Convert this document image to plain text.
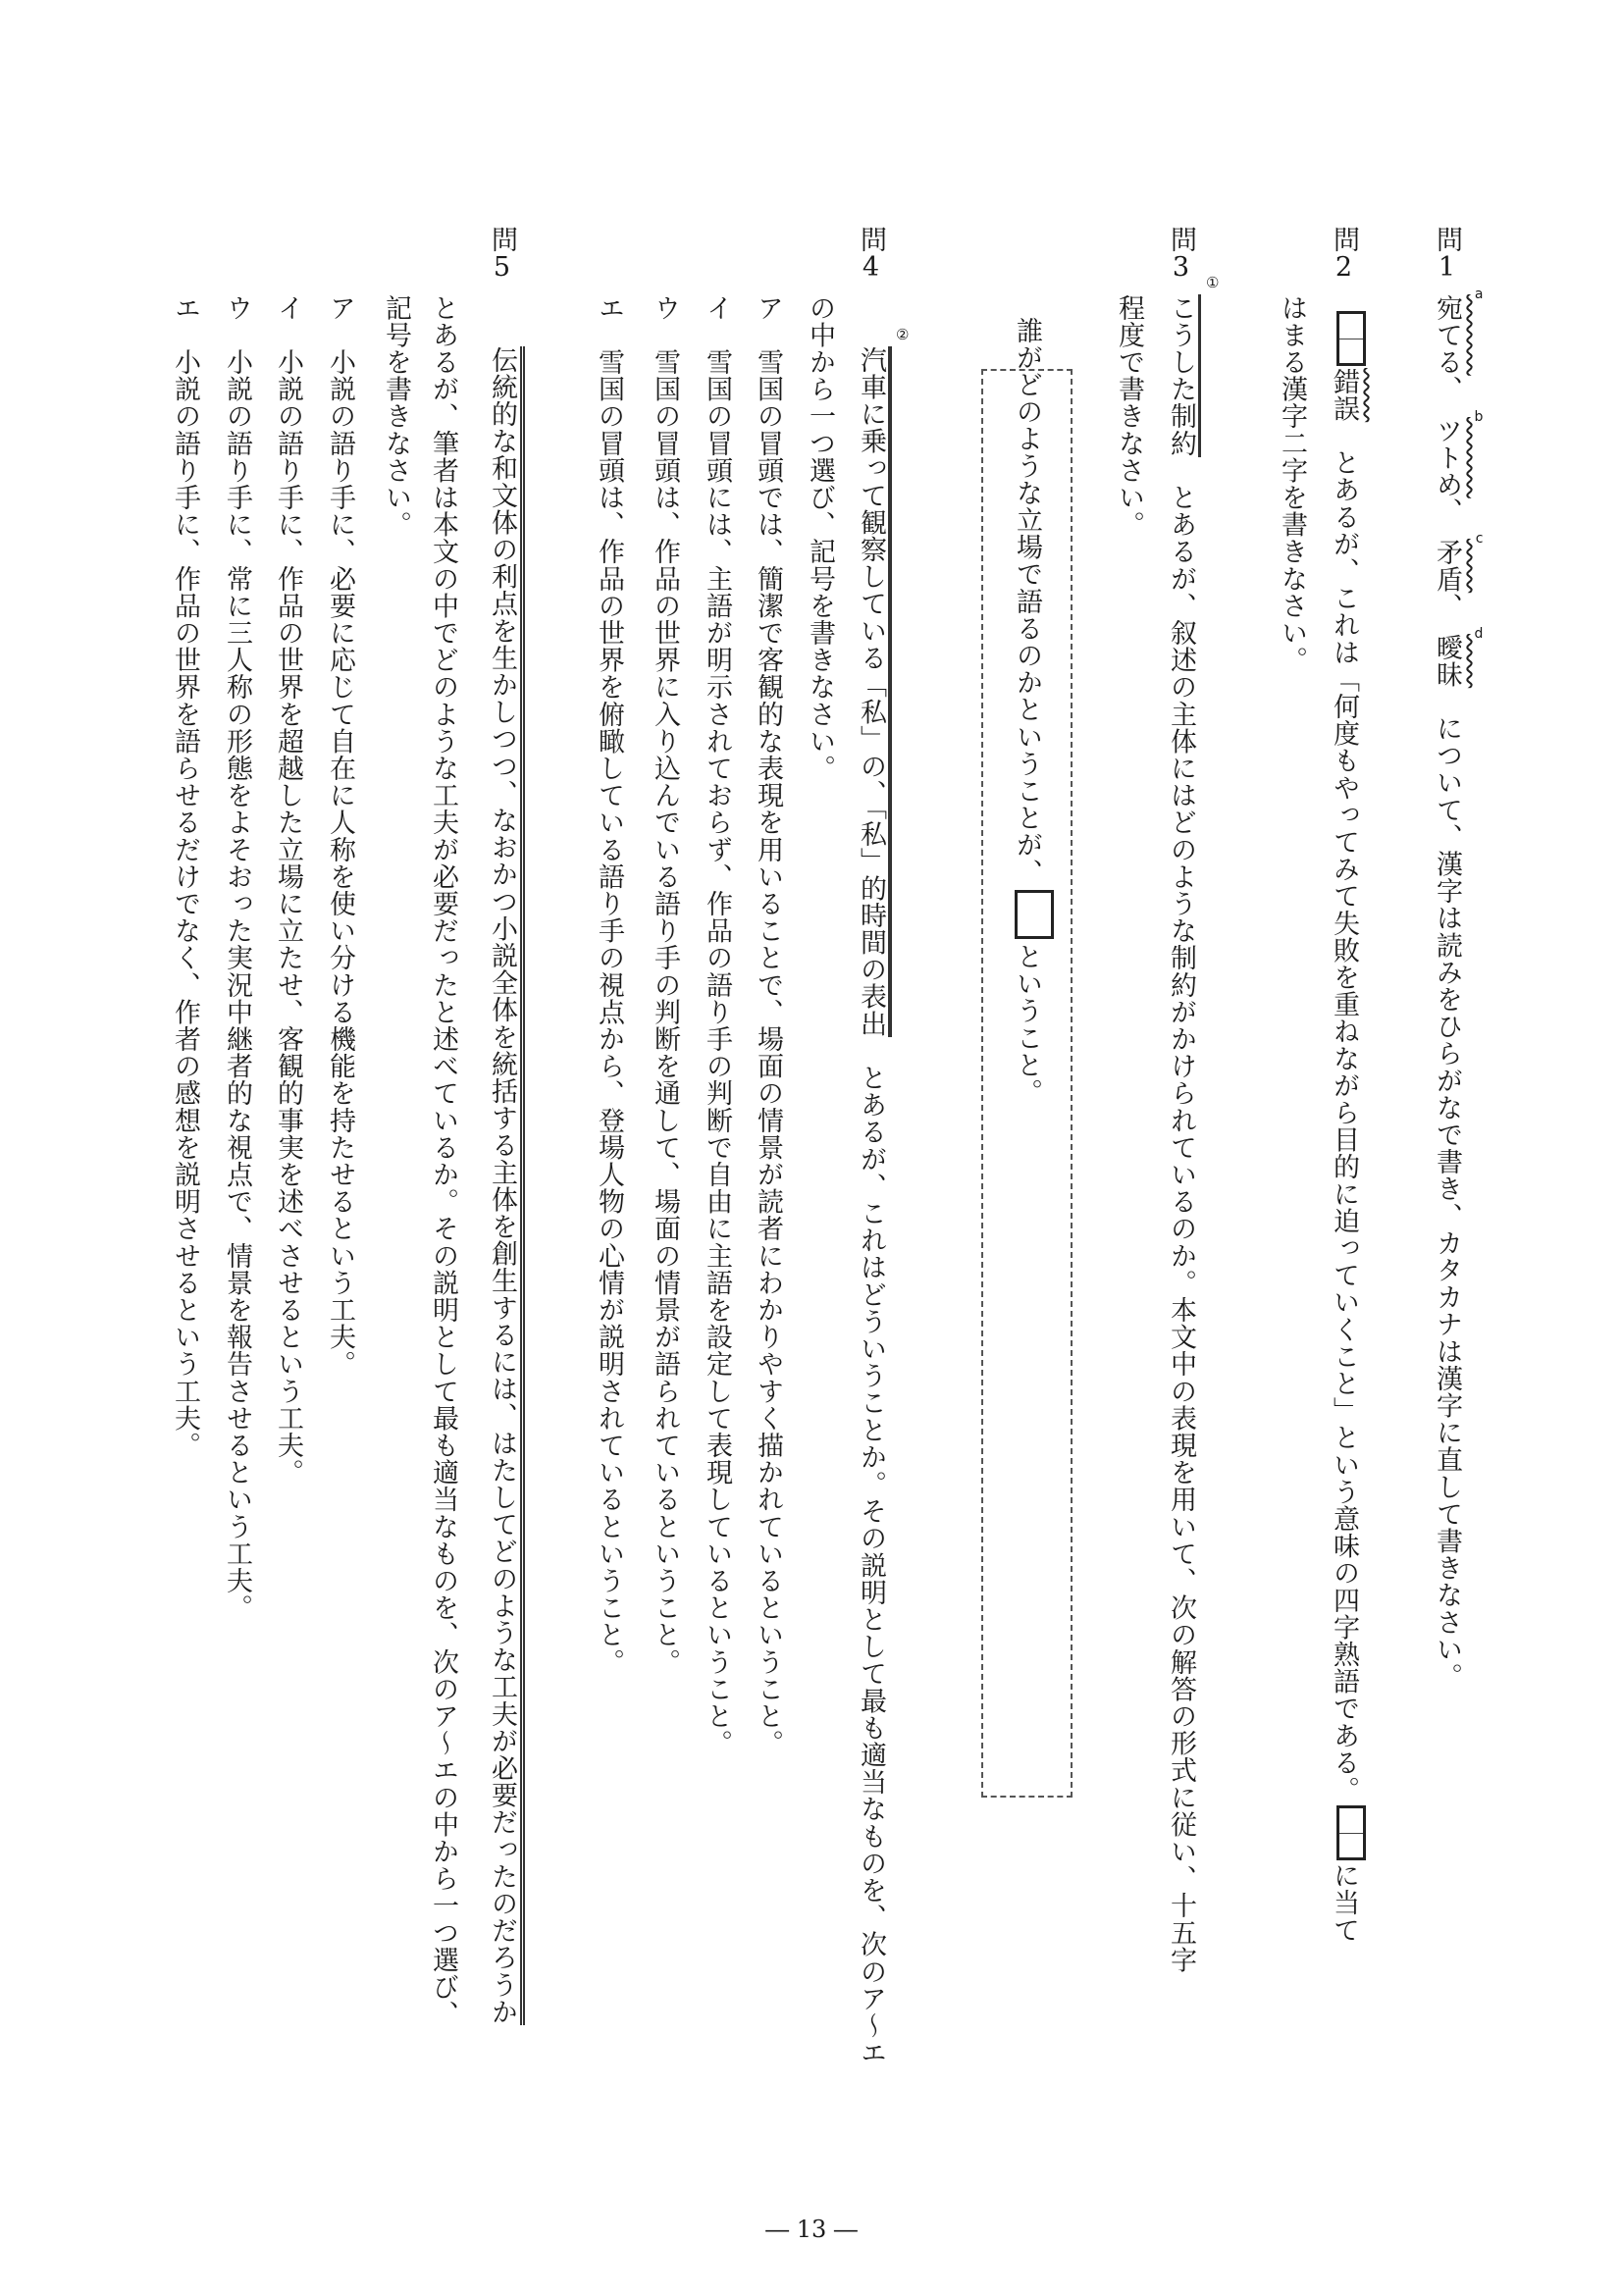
問1
宛てる a
、　ツトめ b
、　矛盾 c
、　曖昧 d
　について、漢字は読みをひらがなで書き、カタカナは漢字に直して書きなさい。
問2
錯誤　とあるが、これは「何度もやってみて失敗を重ねながら目的に迫っていくこと」という意味の四字熟語である。に当て
はまる漢字二字を書きなさい。
問3 ①
こうした制約　とあるが、叙述の主体にはどのような制約がかけられているのか。本文中の表現を用いて、次の解答の形式に従い、十五字
程度で書きなさい。
誰がどのような立場で語るのかということが、
ということ。
問4
②
汽車に乗って観察している「私」の、「私」的時間の表出　とあるが、これはどういうことか。その説明として最も適当なものを、次のア～エ
の中から一つ選び、記号を書きなさい。
ア　雪国の冒頭では、簡潔で客観的な表現を用いることで、場面の情景が読者にわかりやすく描かれているということ。
イ　雪国の冒頭には、主語が明示されておらず、作品の語り手の判断で自由に主語を設定して表現しているということ。
ウ　雪国の冒頭は、作品の世界に入り込んでいる語り手の判断を通して、場面の情景が語られているということ。
エ　雪国の冒頭は、作品の世界を俯瞰している語り手の視点から、登場人物の心情が説明されているということ。
問5
伝統的な和文体の利点を生かしつつ、なおかつ小説全体を統括する主体を創生するには、はたしてどのような工夫が必要だったのだろうか
とあるが、筆者は本文の中でどのような工夫が必要だったと述べているか。その説明として最も適当なものを、次のア～エの中から一つ選び、
記号を書きなさい。
ア　小説の語り手に、必要に応じて自在に人称を使い分ける機能を持たせるという工夫。
イ　小説の語り手に、作品の世界を超越した立場に立たせ、客観的事実を述べさせるという工夫。
ウ　小説の語り手に、常に三人称の形態をよそおった実況中継者的な視点で、情景を報告させるという工夫。
エ　小説の語り手に、作品の世界を語らせるだけでなく、作者の感想を説明させるという工夫。
― 13 ―
